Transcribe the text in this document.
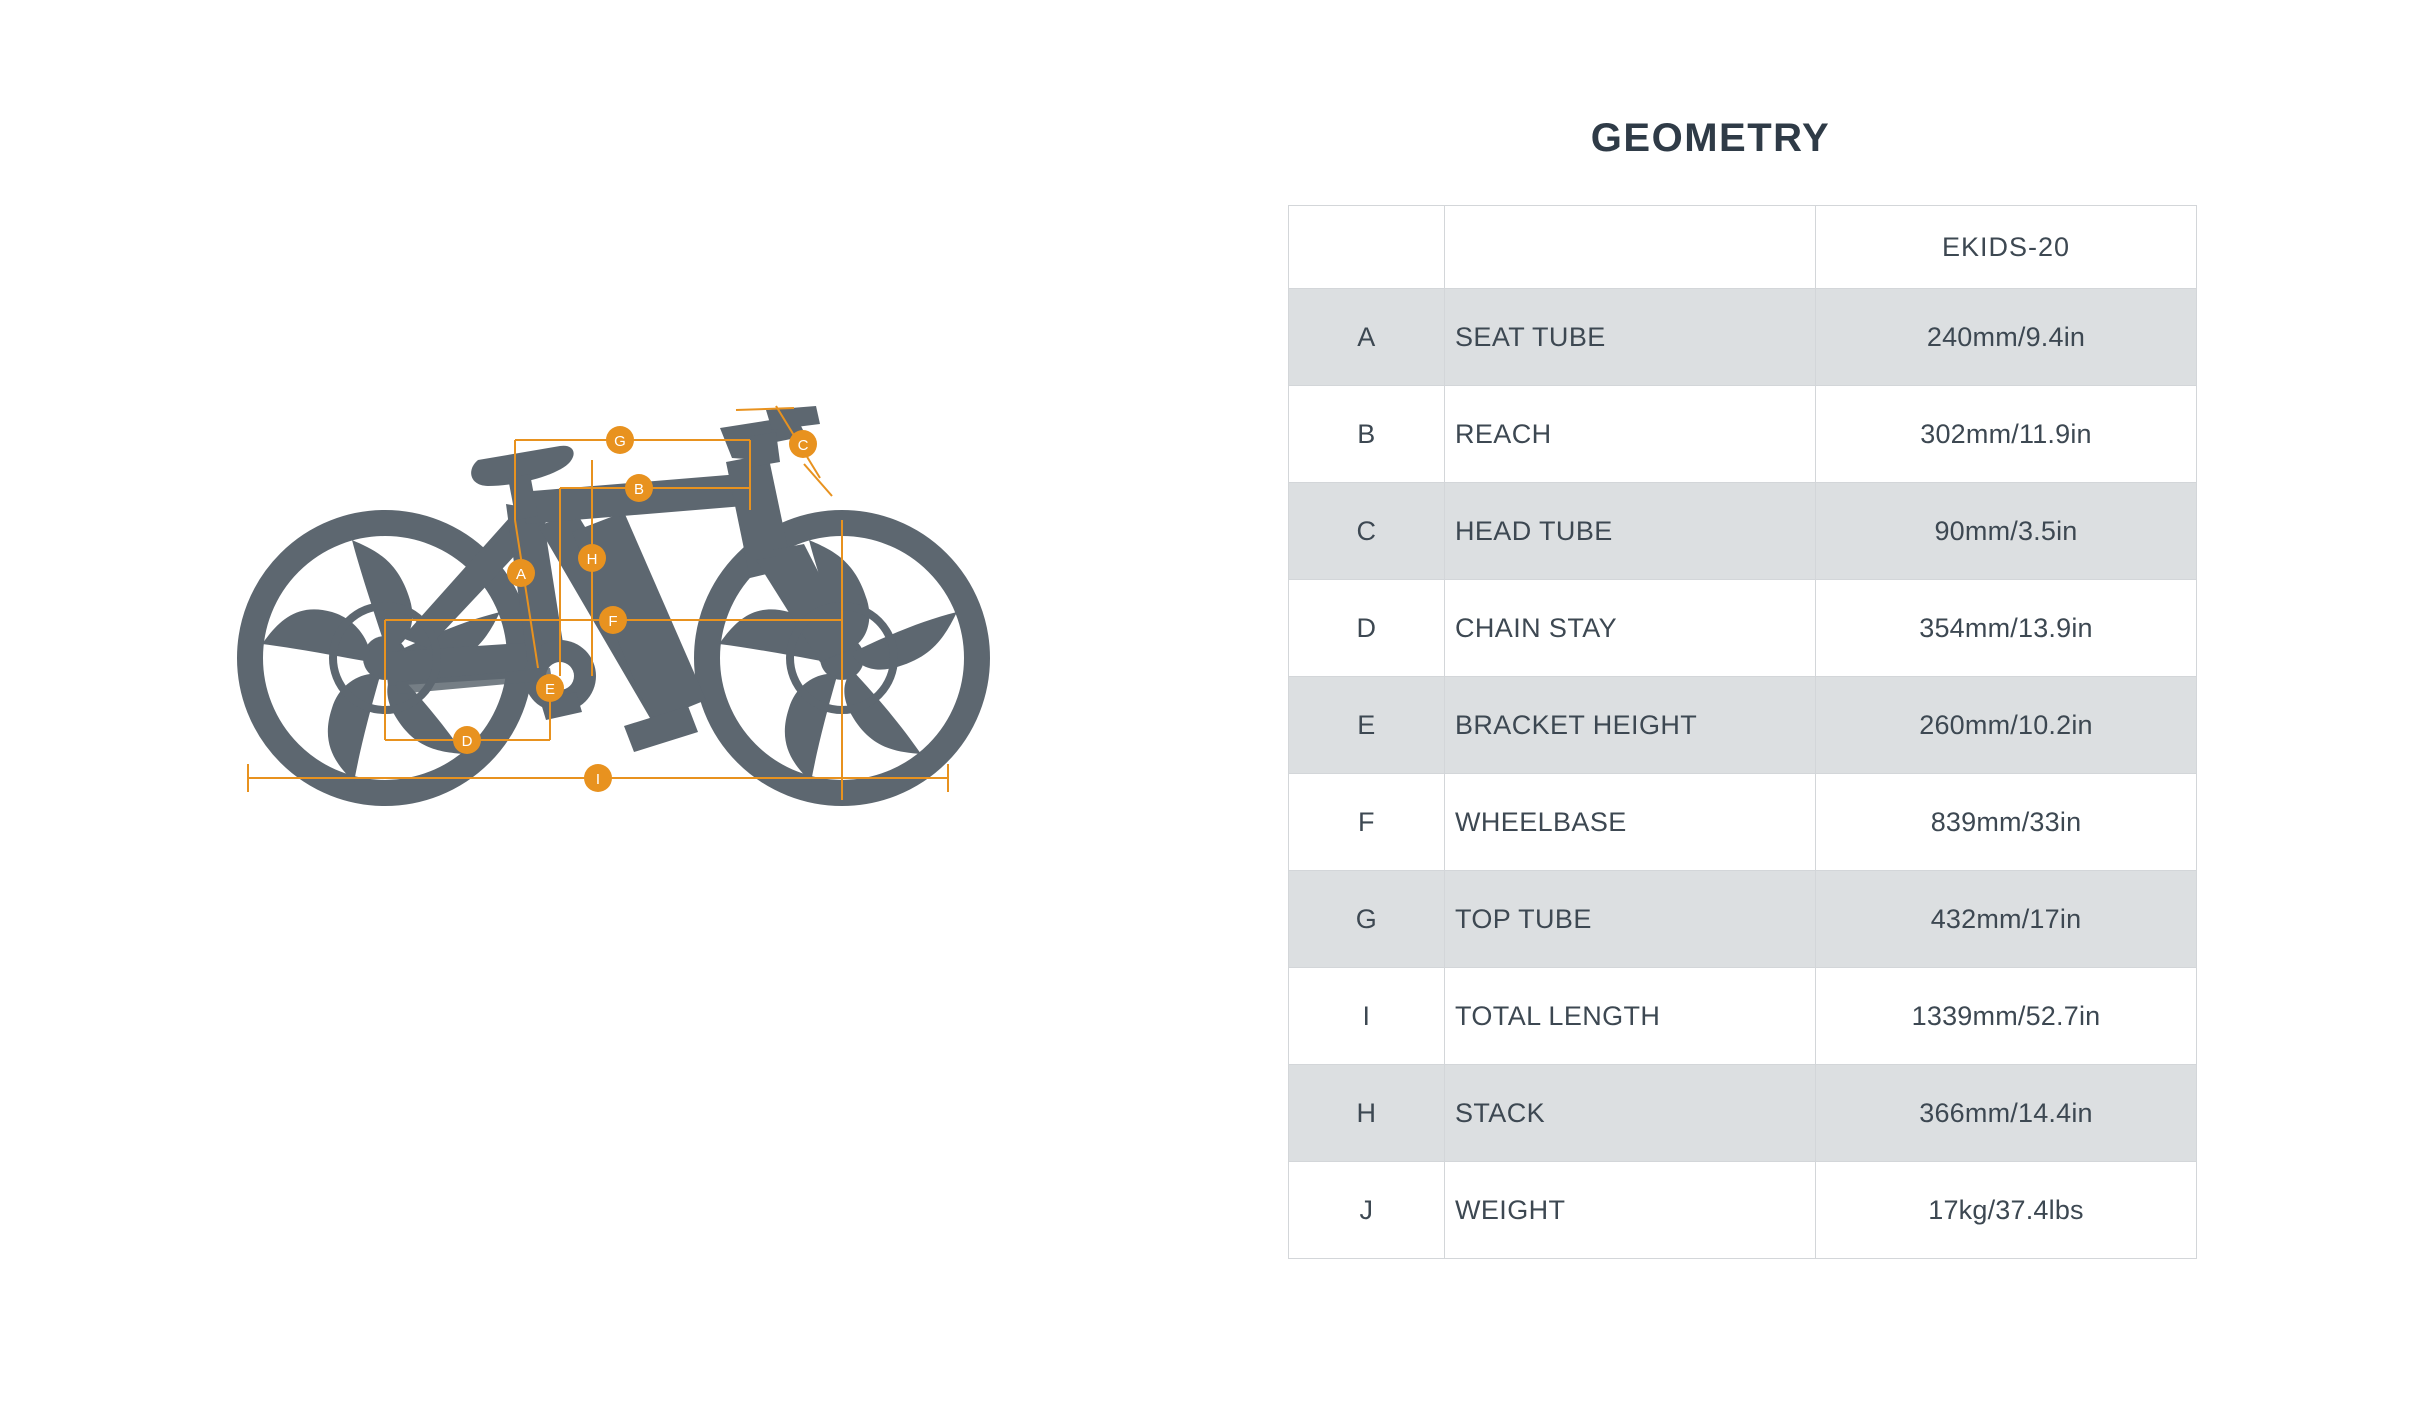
A
B
C
D
E
F
G
H
I
GEOMETRY
		EKIDS-20
A	SEAT TUBE	240mm/9.4in
B	REACH	302mm/11.9in
C	HEAD TUBE	90mm/3.5in
D	CHAIN STAY	354mm/13.9in
E	BRACKET HEIGHT	260mm/10.2in
F	WHEELBASE	839mm/33in
G	TOP TUBE	432mm/17in
I	TOTAL LENGTH	1339mm/52.7in
H	STACK	366mm/14.4in
J	WEIGHT	17kg/37.4lbs
